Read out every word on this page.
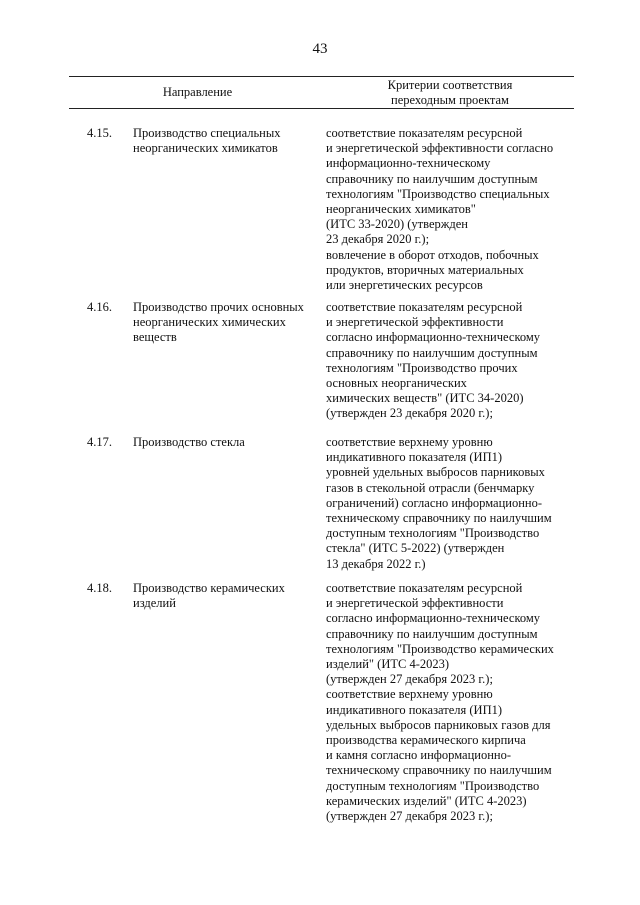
43
Направление	Критерии соответствия
переходным проектам
4.15. Производство специальных
неорганических химикатов
соответствие показателям ресурсной
и энергетической эффективности согласно
информационно-техническому
справочнику по наилучшим доступным
технологиям "Производство специальных
неорганических химикатов"
(ИТС 33-2020) (утвержден
23 декабря 2020 г.);
вовлечение в оборот отходов, побочных
продуктов, вторичных материальных
или энергетических ресурсов
4.16. Производство прочих основных
неорганических химических
веществ
соответствие показателям ресурсной
и энергетической эффективности
согласно информационно-техническому
справочнику по наилучшим доступным
технологиям "Производство прочих
основных неорганических
химических веществ" (ИТС 34-2020)
(утвержден 23 декабря 2020 г.);
4.17. Производство стекла	соответствие верхнему уровню
индикативного показателя (ИП1)
уровней удельных выбросов парниковых
газов в стекольной отрасли (бенчмарку
ограничений) согласно информационно-
техническому справочнику по наилучшим
доступным технологиям "Производство
стекла" (ИТС 5-2022) (утвержден
13 декабря 2022 г.)
4.18. Производство керамических
изделий
соответствие показателям ресурсной
и энергетической эффективности
согласно информационно-техническому
справочнику по наилучшим доступным
технологиям "Производство керамических
изделий" (ИТС 4-2023)
(утвержден 27 декабря 2023 г.);
соответствие верхнему уровню
индикативного показателя (ИП1)
удельных выбросов парниковых газов для
производства керамического кирпича
и камня согласно информационно-
техническому справочнику по наилучшим
доступным технологиям "Производство
керамических изделий" (ИТС 4-2023)
(утвержден 27 декабря 2023 г.);
